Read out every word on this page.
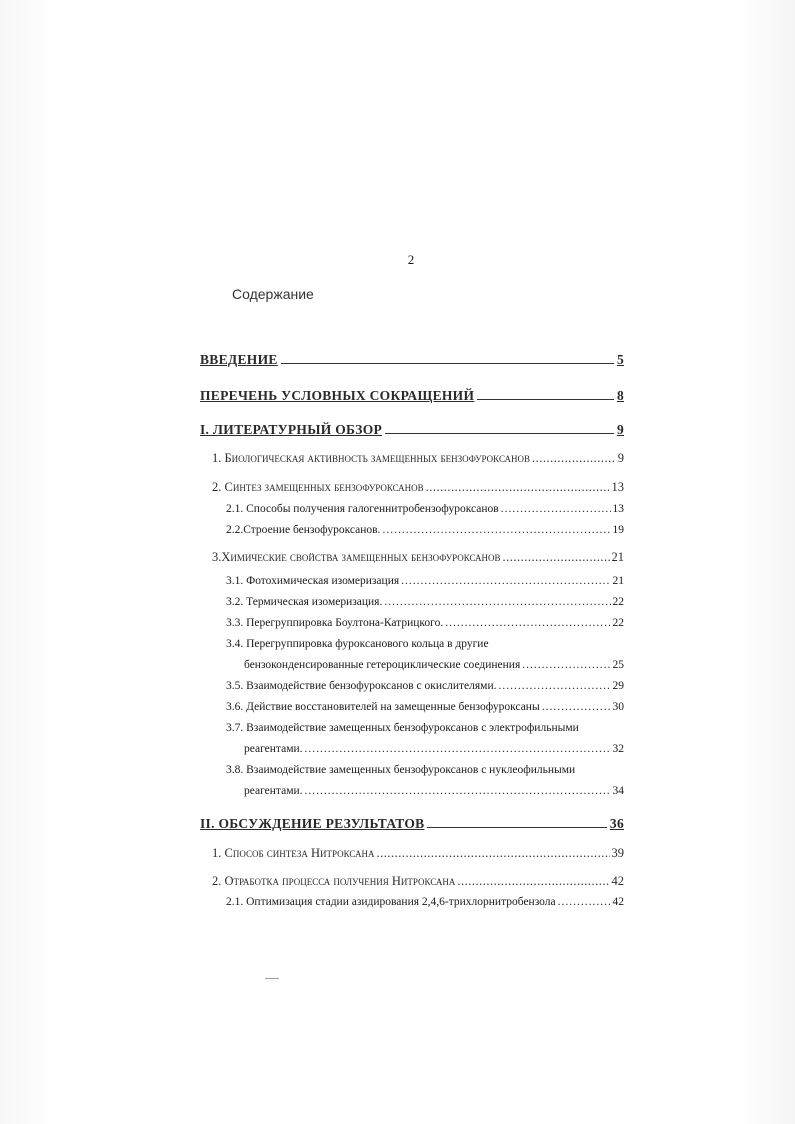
2
Содержание
ВВЕДЕНИЕ	5
ПЕРЕЧЕНЬ УСЛОВНЫХ СОКРАЩЕНИЙ	8
I. ЛИТЕРАТУРНЫЙ ОБЗОР	9
1. Биологическая активность замещенных бензофуроксанов .....	9
2. Синтез замещенных бензофуроксанов .....	13
2.1. Способы получения галогеннитробензофуроксанов .....	13
2.2.Строение бензофуроксанов. .....	19
3.Химические свойства замещенных бензофуроксанов .....	21
3.1. Фотохимическая изомеризация .....	21
3.2. Термическая изомеризация. .....	22
3.3. Перегруппировка Боултона-Катрицкого. .....	22
3.4. Перегруппировка фуроксанового кольца в другие
бензоконденсированные гетероциклические соединения .....	25
3.5. Взаимодействие бензофуроксанов с окислителями. .....	29
3.6. Действие восстановителей на замещенные бензофуроксаны .....	30
3.7. Взаимодействие замещенных бензофуроксанов с электрофильными
реагентами. .....	32
3.8. Взаимодействие замещенных бензофуроксанов с нуклеофильными
реагентами. .....	34
II. ОБСУЖДЕНИЕ РЕЗУЛЬТАТОВ	36
1. Способ синтеза Нитроксана .....	39
2. Отработка процесса получения Нитроксана .....	42
2.1. Оптимизация стадии азидирования 2,4,6-трихлорнитробензола .....	42
